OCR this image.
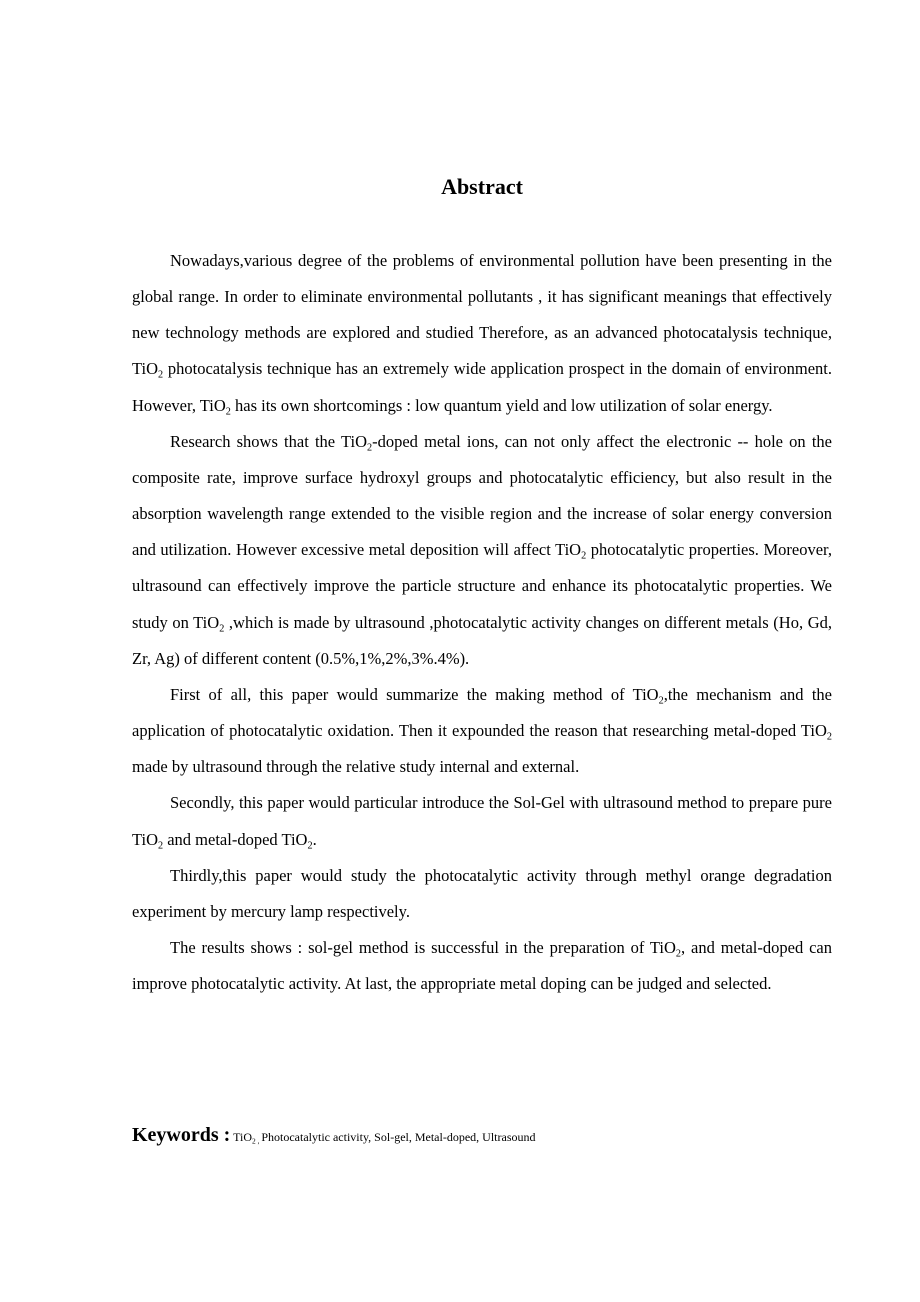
Abstract

Nowadays,various degree of the problems of environmental pollution have been presenting in the global range. In order to eliminate environmental pollutants , it has significant meanings that effectively new technology methods are explored and studied Therefore, as an advanced photocatalysis technique, TiO$_2$ photocatalysis technique has an extremely wide application prospect in the domain of environment. However, TiO$_2$ has its own shortcomings : low quantum yield and low utilization of solar energy.

Research shows that the TiO$_2$-doped metal ions, can not only affect the electronic -- hole on the composite rate, improve surface hydroxyl groups and photocatalytic efficiency, but also result in the absorption wavelength range extended to the visible region and the increase of solar energy conversion and utilization. However excessive metal deposition will affect TiO$_2$ photocatalytic properties. Moreover, ultrasound can effectively improve the particle structure and enhance its photocatalytic properties. We study on TiO$_2$ ,which is made by ultrasound ,photocatalytic activity changes on different metals (Ho, Gd, Zr, Ag) of different content (0.5%,1%,2%,3%.4%).

First of all, this paper would summarize the making method of TiO$_2$,the mechanism and the application of photocatalytic oxidation. Then it expounded the reason that researching metal-doped TiO$_2$ made by ultrasound through the relative study internal and external.

Secondly, this paper would particular introduce the Sol-Gel with ultrasound method to prepare pure TiO$_2$ and metal-doped TiO$_2$.

Thirdly,this paper would study the photocatalytic activity through methyl orange degradation experiment by mercury lamp respectively.

The results shows : sol-gel method is successful in the preparation of TiO$_2$, and metal-doped can improve photocatalytic activity. At last, the appropriate metal doping can be judged and selected.

Keywords : TiO$_2$ $_,$ Photocatalytic activity, Sol-gel, Metal-doped, Ultrasound
